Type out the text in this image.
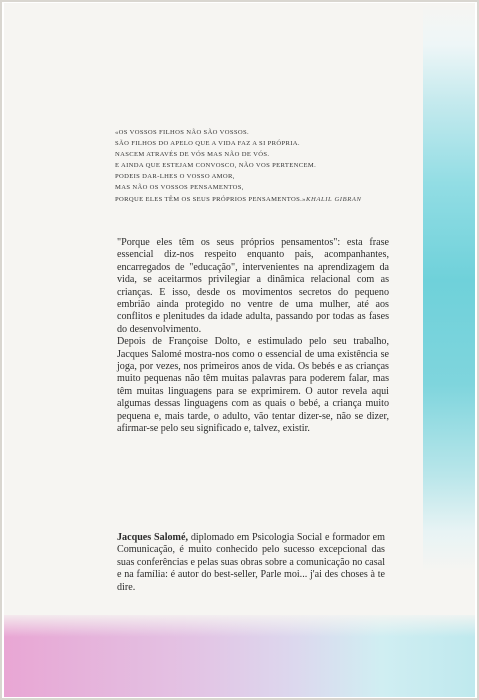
«OS VOSSOS FILHOS NÃO SÃO VOSSOS.
SÃO FILHOS DO APELO QUE A VIDA FAZ A SI PRÓPRIA.
NASCEM ATRAVÉS DE VÓS MAS NÃO DE VÓS.
E AINDA QUE ESTEJAM CONVOSCO, NÃO VOS PERTENCEM.
PODEIS DAR-LHES O VOSSO AMOR,
MAS NÃO OS VOSSOS PENSAMENTOS,
PORQUE ELES TÊM OS SEUS PRÓPRIOS PENSAMENTOS.» KHALIL GIBRAN

"Porque eles têm os seus próprios pensamentos": esta frase essencial diz-nos respeito enquanto pais, acompanhantes, encarregados de "educação", intervenientes na aprendizagem da vida, se aceitarmos privilegiar a dinâmica relacional com as crianças. E isso, desde os movimentos secretos do pequeno embrião ainda protegido no ventre de uma mulher, até aos conflitos e plenitudes da idade adulta, passando por todas as fases do desenvolvimento.

Depois de Françoise Dolto, e estimulado pelo seu trabalho, Jacques Salomé mostra-nos como o essencial de uma existência se joga, por vezes, nos primeiros anos de vida. Os bebés e as crianças muito pequenas não têm muitas palavras para poderem falar, mas têm muitas linguagens para se exprimirem. O autor revela aqui algumas dessas linguagens com as quais o bebé, a criança muito pequena e, mais tarde, o adulto, vão tentar dizer-se, não se dizer, afirmar-se pelo seu significado e, talvez, existir.

Jacques Salomé, diplomado em Psicologia Social e formador em Comunicação, é muito conhecido pelo sucesso excepcional das suas conferências e pelas suas obras sobre a comunicação no casal e na família: é autor do best-seller, Parle moi... j'ai des choses à te dire.
